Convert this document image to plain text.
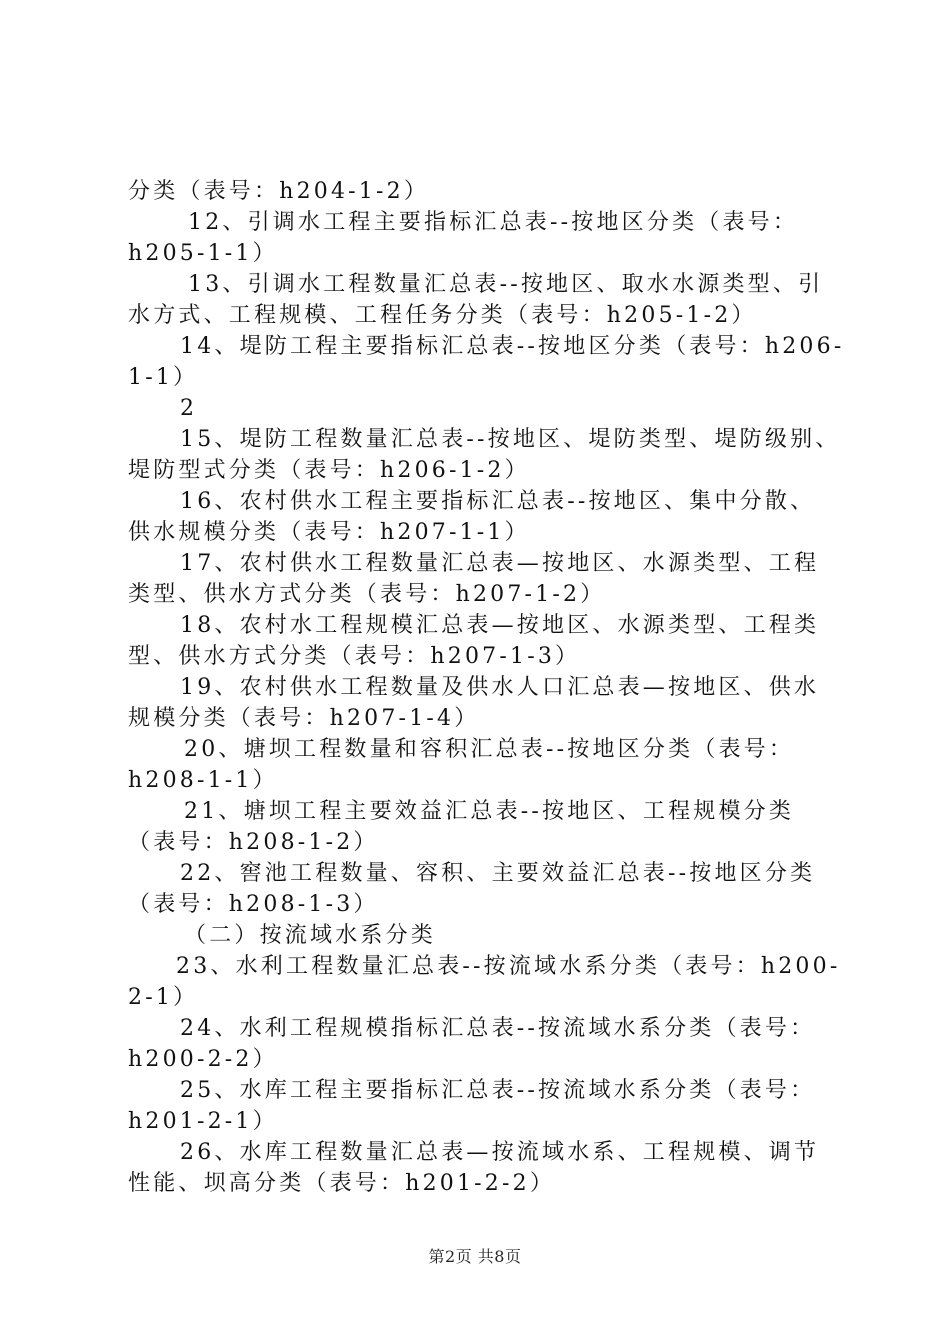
分类（表号：h204-1-2）
12、引调水工程主要指标汇总表--按地区分类（表号：
h205-1-1）
13、引调水工程数量汇总表--按地区、取水水源类型、引
水方式、工程规模、工程任务分类（表号：h205-1-2）
14、堤防工程主要指标汇总表--按地区分类（表号：h206-
1-1）
2
15、堤防工程数量汇总表--按地区、堤防类型、堤防级别、
堤防型式分类（表号：h206-1-2）
16、农村供水工程主要指标汇总表--按地区、集中分散、
供水规模分类（表号：h207-1-1）
17、农村供水工程数量汇总表—按地区、水源类型、工程
类型、供水方式分类（表号：h207-1-2）
18、农村水工程规模汇总表—按地区、水源类型、工程类
型、供水方式分类（表号：h207-1-3）
19、农村供水工程数量及供水人口汇总表—按地区、供水
规模分类（表号：h207-1-4）
20、塘坝工程数量和容积汇总表--按地区分类（表号：
h208-1-1）
21、塘坝工程主要效益汇总表--按地区、工程规模分类
（表号：h208-1-2）
22、窖池工程数量、容积、主要效益汇总表--按地区分类
（表号：h208-1-3）
（二）按流域水系分类
23、水利工程数量汇总表--按流域水系分类（表号：h200-
2-1）
24、水利工程规模指标汇总表--按流域水系分类（表号：
h200-2-2）
25、水库工程主要指标汇总表--按流域水系分类（表号：
h201-2-1）
26、水库工程数量汇总表—按流域水系、工程规模、调节
性能、坝高分类（表号：h201-2-2）
第2页 共8页
